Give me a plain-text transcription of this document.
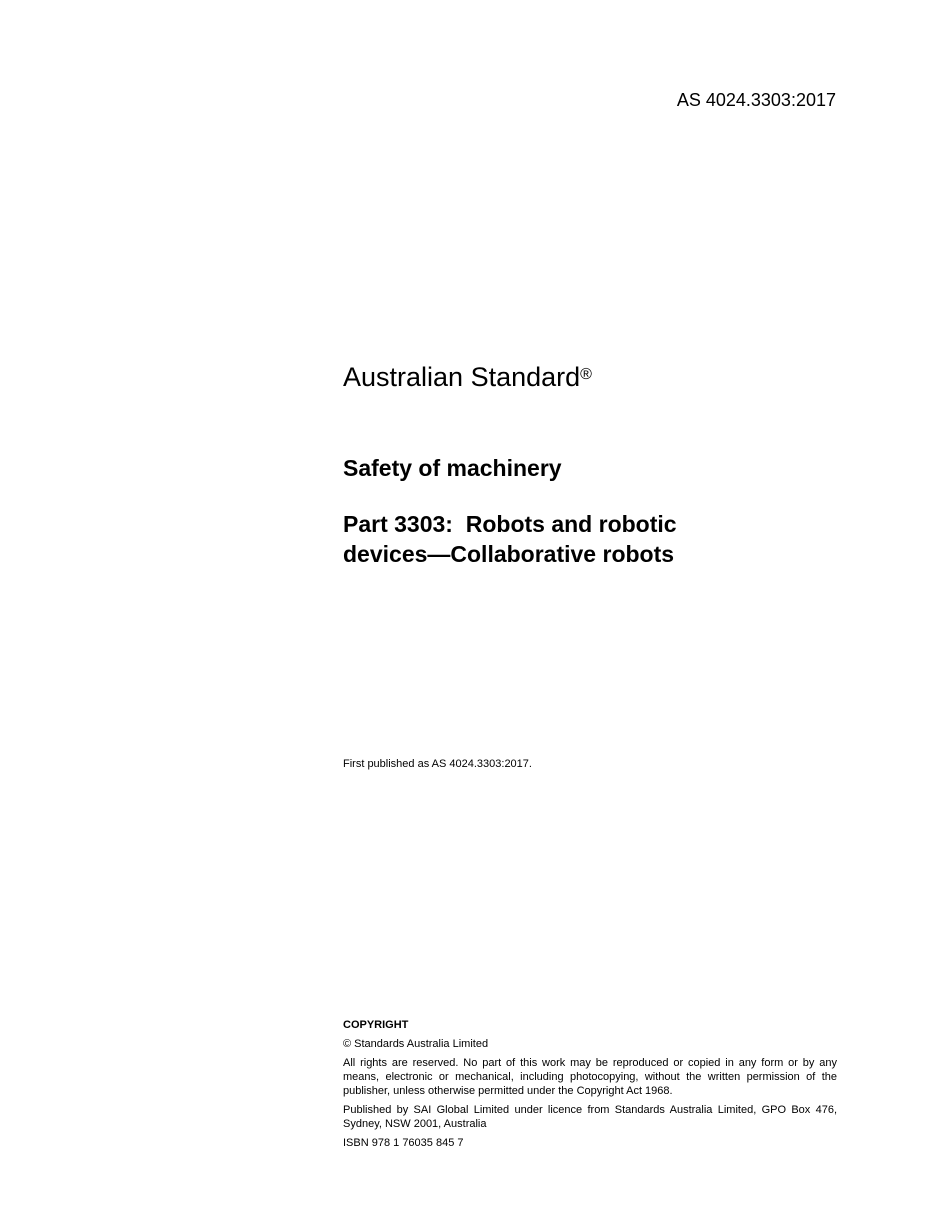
AS 4024.3303:2017
Australian Standard®
Safety of machinery
Part 3303:  Robots and robotic
devices—Collaborative robots
First published as AS 4024.3303:2017.

COPYRIGHT

© Standards Australia Limited

All rights are reserved. No part of this work may be reproduced or copied in any form or by any means, electronic or mechanical, including photocopying, without the written permission of the publisher, unless otherwise permitted under the Copyright Act 1968.

Published by SAI Global Limited under licence from Standards Australia Limited, GPO Box 476, Sydney, NSW 2001, Australia

ISBN 978 1 76035 845 7
